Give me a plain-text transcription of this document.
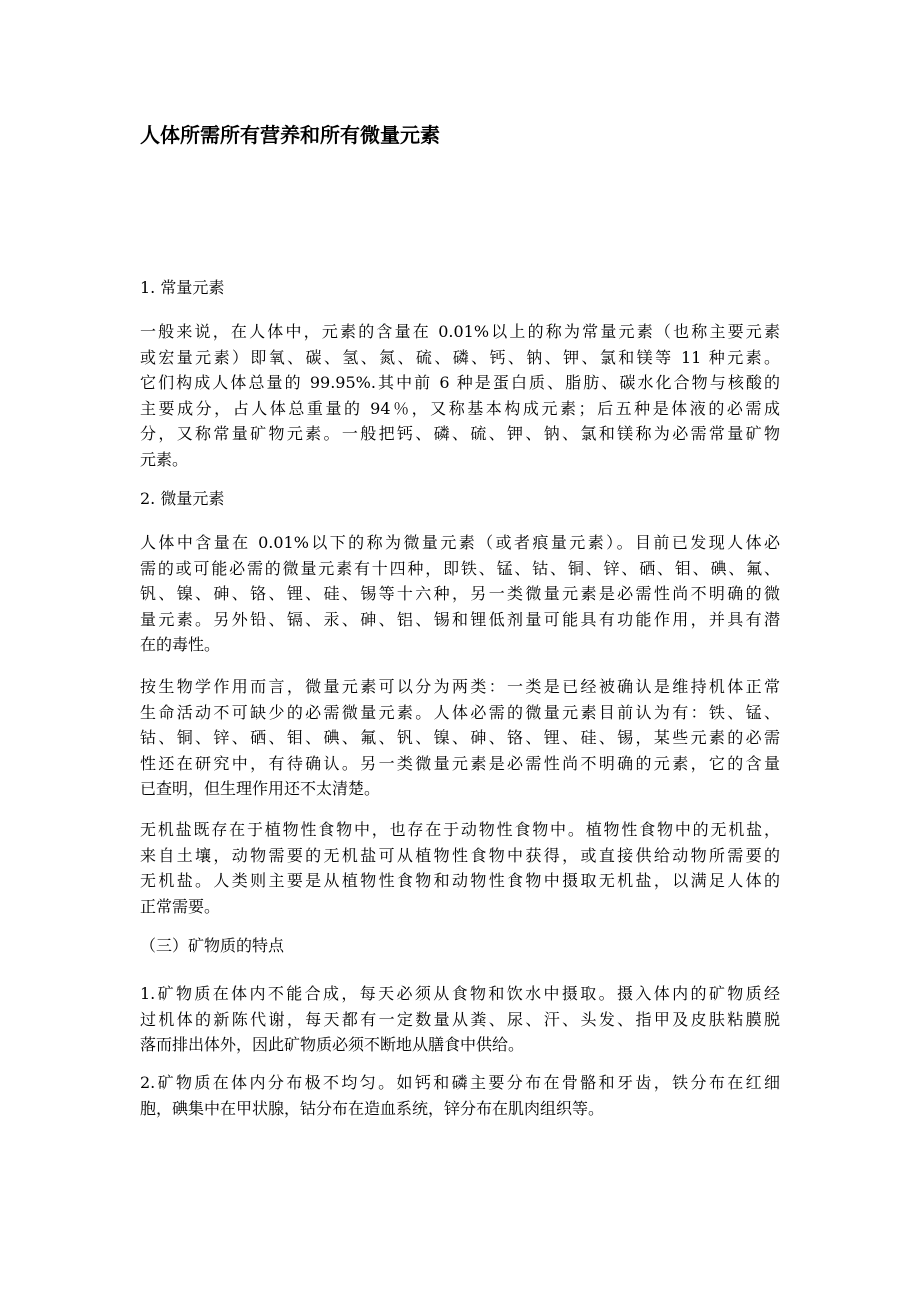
人体所需所有营养和所有微量元素
1. 常量元素
一般来说，在人体中，元素的含量在 0.01%以上的称为常量元素（也称主要元素
或宏量元素）即氧、碳、氢、氮、硫、磷、钙、钠、钾、氯和镁等 11 种元素。
它们构成人体总量的 99.95%.其中前 6 种是蛋白质、脂肪、碳水化合物与核酸的
主要成分，占人体总重量的 94％，又称基本构成元素；后五种是体液的必需成
分，又称常量矿物元素。一般把钙、磷、硫、钾、钠、氯和镁称为必需常量矿物
元素。
2. 微量元素
人体中含量在 0.01%以下的称为微量元素（或者痕量元素）。目前已发现人体必
需的或可能必需的微量元素有十四种，即铁、锰、钴、铜、锌、硒、钼、碘、氟、
钒、镍、砷、铬、锂、硅、锡等十六种，另一类微量元素是必需性尚不明确的微
量元素。另外铅、镉、汞、砷、铝、锡和锂低剂量可能具有功能作用，并具有潜
在的毒性。
按生物学作用而言，微量元素可以分为两类：一类是已经被确认是维持机体正常
生命活动不可缺少的必需微量元素。人体必需的微量元素目前认为有：铁、锰、
钴、铜、锌、硒、钼、碘、氟、钒、镍、砷、铬、锂、硅、锡，某些元素的必需
性还在研究中，有待确认。另一类微量元素是必需性尚不明确的元素，它的含量
已查明，但生理作用还不太清楚。
无机盐既存在于植物性食物中，也存在于动物性食物中。植物性食物中的无机盐，
来自土壤，动物需要的无机盐可从植物性食物中获得，或直接供给动物所需要的
无机盐。人类则主要是从植物性食物和动物性食物中摄取无机盐，以满足人体的
正常需要。
（三）矿物质的特点
1.矿物质在体内不能合成，每天必须从食物和饮水中摄取。摄入体内的矿物质经
过机体的新陈代谢，每天都有一定数量从粪、尿、汗、头发、指甲及皮肤粘膜脱
落而排出体外，因此矿物质必须不断地从膳食中供给。
2.矿物质在体内分布极不均匀。如钙和磷主要分布在骨骼和牙齿，铁分布在红细
胞，碘集中在甲状腺，钴分布在造血系统，锌分布在肌肉组织等。
